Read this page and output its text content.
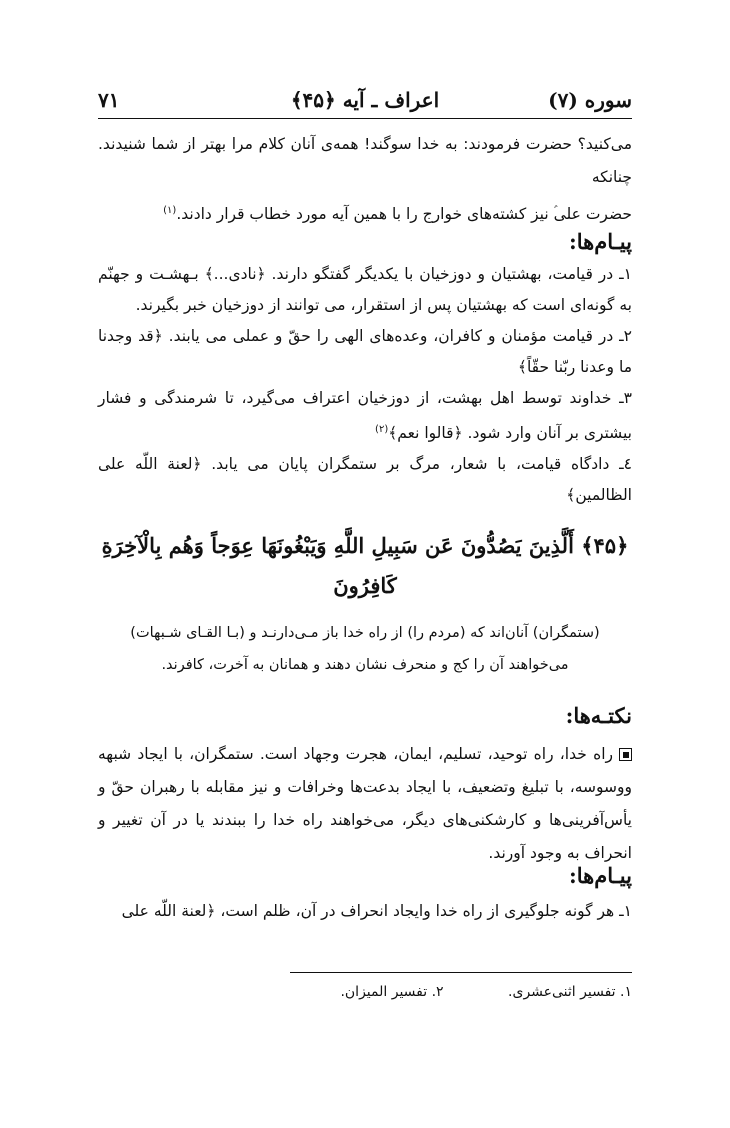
سوره (۷)
اعراف ـ آیه ﴿۴۵﴾
۷۱

می‌کنید؟ حضرت فرمودند: به خدا سوگند! همه‌ی آنان کلام مرا بهتر از شما شنیدند. چنانکه

حضرت علی‌ؑ نیز کشته‌های خوارج را با همین آیه مورد خطاب قرار دادند.$^{(۱)}$

پیـام‌ها:

۱ـ در قیامت، بهشتیان و دوزخیان با یکدیگر گفتگو دارند. ﴿نادی...﴾ بـهشـت و جهنّم به گونه‌ای است که بهشتیان پس از استقرار، می توانند از دوزخیان خبر بگیرند.

۲ـ در قیامت مؤمنان و کافران، وعده‌های الهی را حقّ و عملی می یابند. ﴿قد وجدنا ما وعدنا ربّنا حقّاً﴾

۳ـ خداوند توسط اهل بهشت، از دوزخیان اعتراف می‌گیرد، تا شرمندگی و فشار بیشتری بر آنان وارد شود. ﴿قالوا نعم﴾$^{(۲)}$

٤ـ دادگاه قیامت، با شعار، مرگ بر ستمگران پایان می یابد. ﴿لعنة اللّه علی الظالمین﴾

﴿۴۵﴾ أَلَّذِينَ يَصُدُّونَ عَن سَبِيلِ اللَّهِ وَيَبْغُونَهَا عِوَجاً وَهُم بِالْآخِرَةِ
كَافِرُونَ
(ستمگران) آنان‌اند که (مردم را) از راه خدا باز مـی‌دارنـد و (بـا القـای شـبهات)
می‌خواهند آن را کج و منحرف نشان دهند و همانان به آخرت، کافرند.
نکتـه‌ها:

راه خدا، راه توحید، تسلیم، ایمان، هجرت وجهاد است. ستمگران، با ایجاد شبهه ووسوسه، با تبلیغ وتضعیف، با ایجاد بدعت‌ها وخرافات و نیز مقابله با رهبران حقّ و یأس‌آفرینی‌ها و کارشکنی‌های دیگر، می‌خواهند راه خدا را ببندند یا در آن تغییر و انحراف به وجود آورند.

پیـام‌ها:

۱ـ هر گونه جلوگیری از راه خدا وایجاد انحراف در آن، ظلم است، ﴿لعنة اللّه علی

۱. تفسیر اثنی‌عشری. ۲. تفسیر المیزان.
